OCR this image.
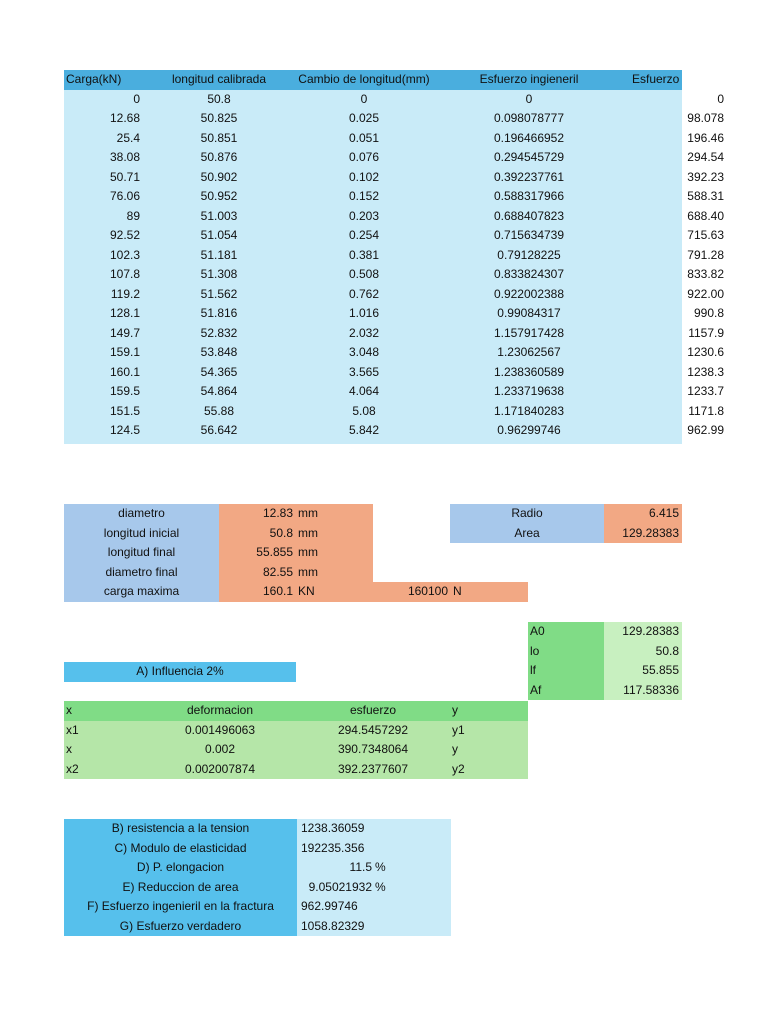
Carga(kN)	longitud calibrada	Cambio de longitud(mm)	Esfuerzo ingieneril	Esfuerzo
0	50.8	0	0	0
12.68	50.825	0.025	0.098078777	98.078
25.4	50.851	0.051	0.196466952	196.46
38.08	50.876	0.076	0.294545729	294.54
50.71	50.902	0.102	0.392237761	392.23
76.06	50.952	0.152	0.588317966	588.31
89	51.003	0.203	0.688407823	688.40
92.52	51.054	0.254	0.715634739	715.63
102.3	51.181	0.381	0.79128225	791.28
107.8	51.308	0.508	0.833824307	833.82
119.2	51.562	0.762	0.922002388	922.00
128.1	51.816	1.016	0.99084317	990.8
149.7	52.832	2.032	1.157917428	1157.9
159.1	53.848	3.048	1.23062567	1230.6
160.1	54.365	3.565	1.238360589	1238.3
159.5	54.864	4.064	1.233719638	1233.7
151.5	55.88	5.08	1.171840283	1171.8
124.5	56.642	5.842	0.96299746	962.99
diametro	12.83 mm
longitud inicial	50.8 mm
longitud final	55.855 mm
diametro final	82.55 mm
carga maxima	160.1 KN	160100 N
Radio	6.415
Area	129.28383
A0	129.28383
lo	50.8
lf	55.855
Af	117.58336
A) Influencia 2%
x	deformacion	esfuerzo	y
x1	0.001496063	294.5457292	y1
x	0.002	390.7348064	y
x2	0.002007874	392.2377607	y2
B) resistencia a la tension	1238.36059
C) Modulo de elasticidad	192235.356
D) P. elongacion	11.5 %
E) Reduccion de area	9.05021932 %
F) Esfuerzo ingenieril en la fractura	962.99746
G) Esfuerzo verdadero	1058.82329
